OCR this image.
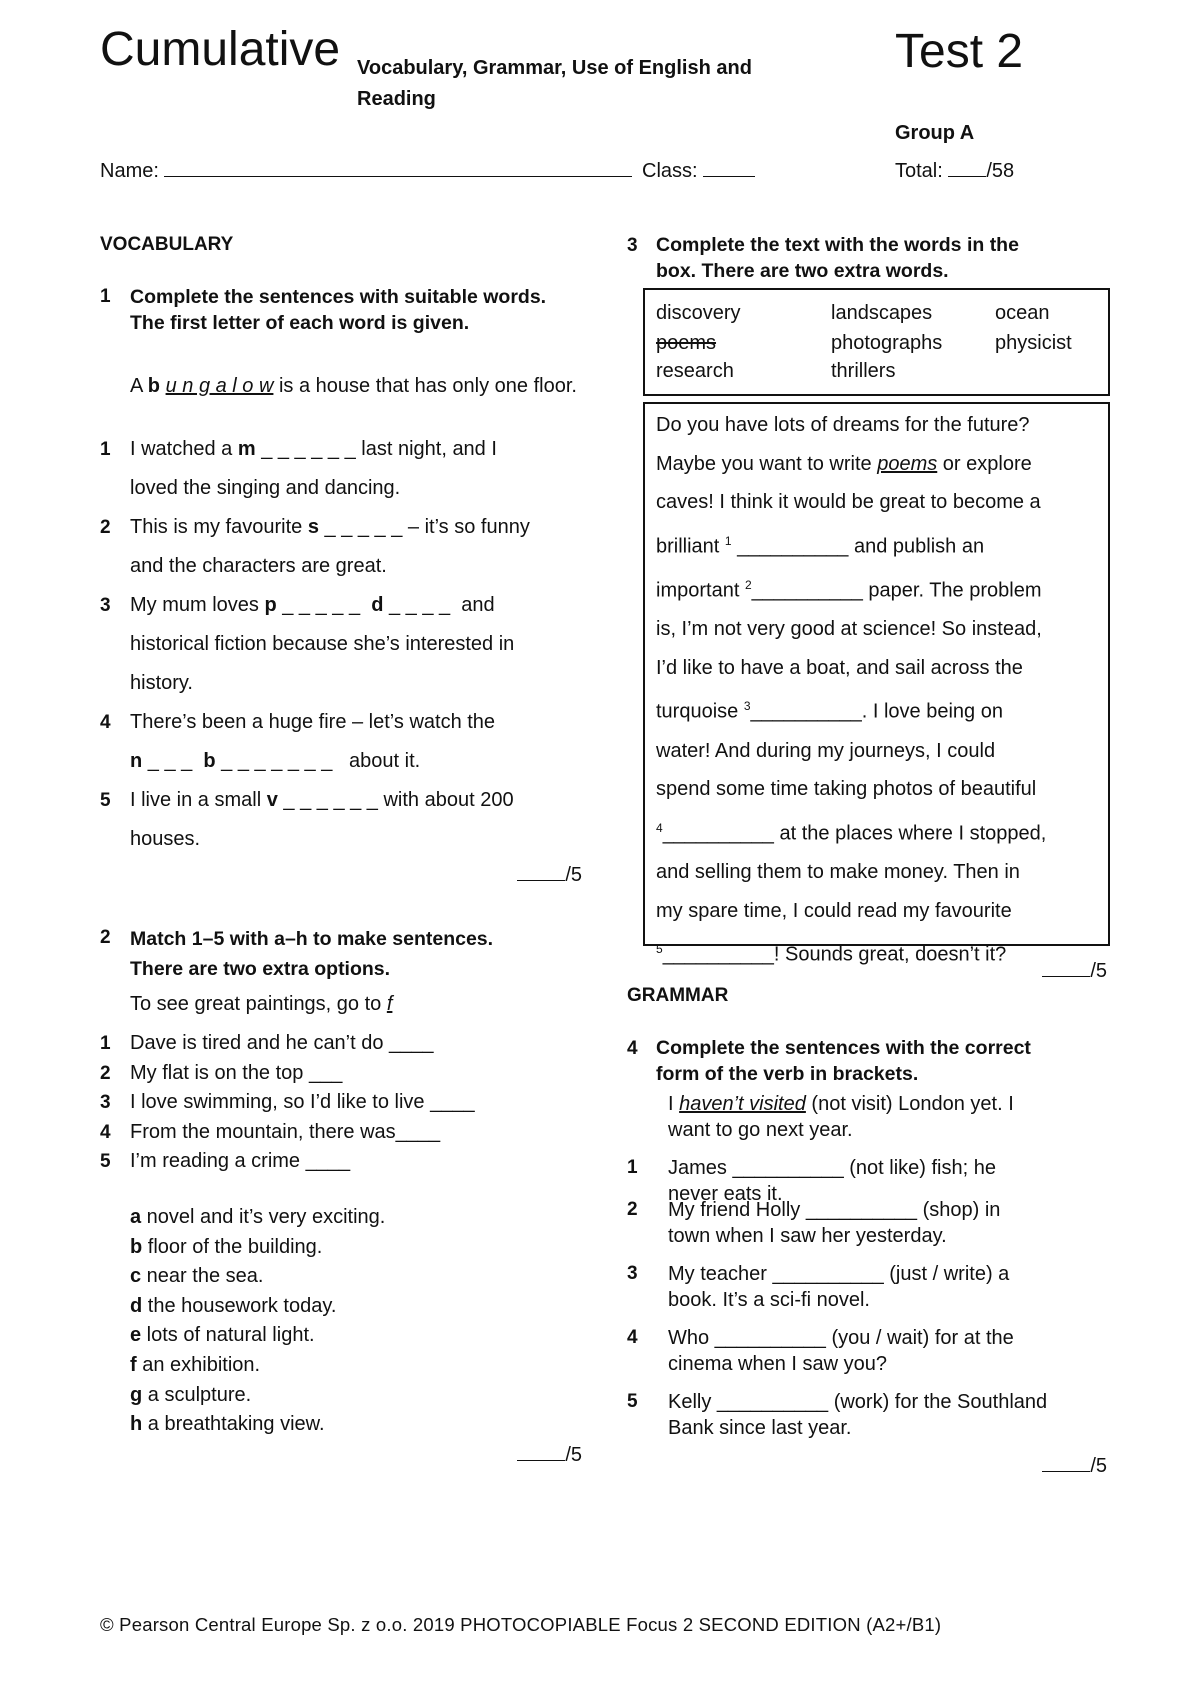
Cumulative Vocabulary, Grammar, Use of English and
Reading
Test 2
Group A
Name:	Class:	Total: /58
VOCABULARY
1 Complete the sentences with suitable words. The first letter of each word is given.
A b u n g a l o w is a house that has only one floor.
1 I watched a m _ _ _ _ _ _ last night, and I
loved the singing and dancing.
2 This is my favourite s _ _ _ _ _ – it’s so funny
and the characters are great.
3 My mum loves p _ _ _ _ _  d _ _ _ _  and
historical fiction because she’s interested in
history.
4 There’s been a huge fire – let’s watch the
n _ _ _  b _ _ _ _ _ _ _   about it.
5 I live in a small v _ _ _ _ _ _ with about 200
houses.
/5
2 Match 1–5 with a–h to make sentences.
There are two extra options.
To see great paintings, go to f
1 Dave is tired and he can’t do ____
2 My flat is on the top ___
3 I love swimming, so I’d like to live ____
4 From the mountain, there was____
5 I’m reading a crime ____
a novel and it’s very exciting.
b floor of the building.
c near the sea.
d the housework today.
e lots of natural light.
f an exhibition.
g a sculpture.
h a breathtaking view.
/5
3 Complete the text with the words in the
box. There are two extra words.
discovery	landscapes	ocean
poems	photographs	physicist
research	thrillers
Do you have lots of dreams for the future?
Maybe you want to write poems or explore
caves! I think it would be great to become a
brilliant $^1$ __________ and publish an
important $^2$__________ paper. The problem
is, I’m not very good at science! So instead,
I’d like to have a boat, and sail across the
turquoise $^3$__________. I love being on
water! And during my journeys, I could
spend some time taking photos of beautiful
$^4$__________ at the places where I stopped,
and selling them to make money. Then in
my spare time, I could read my favourite
$^5$__________! Sounds great, doesn’t it?
/5
GRAMMAR
4 Complete the sentences with the correct
form of the verb in brackets.
I haven’t visited (not visit) London yet. I
want to go next year.
1 James __________ (not like) fish; he
never eats it.
2 My friend Holly __________ (shop) in
town when I saw her yesterday.
3 My teacher __________ (just / write) a
book. It’s a sci-fi novel.
4 Who __________ (you / wait) for at the
cinema when I saw you?
5 Kelly __________ (work) for the Southland
Bank since last year.
/5
© Pearson Central Europe Sp. z o.o. 2019 PHOTOCOPIABLE Focus 2 SECOND EDITION (A2+/B1)
